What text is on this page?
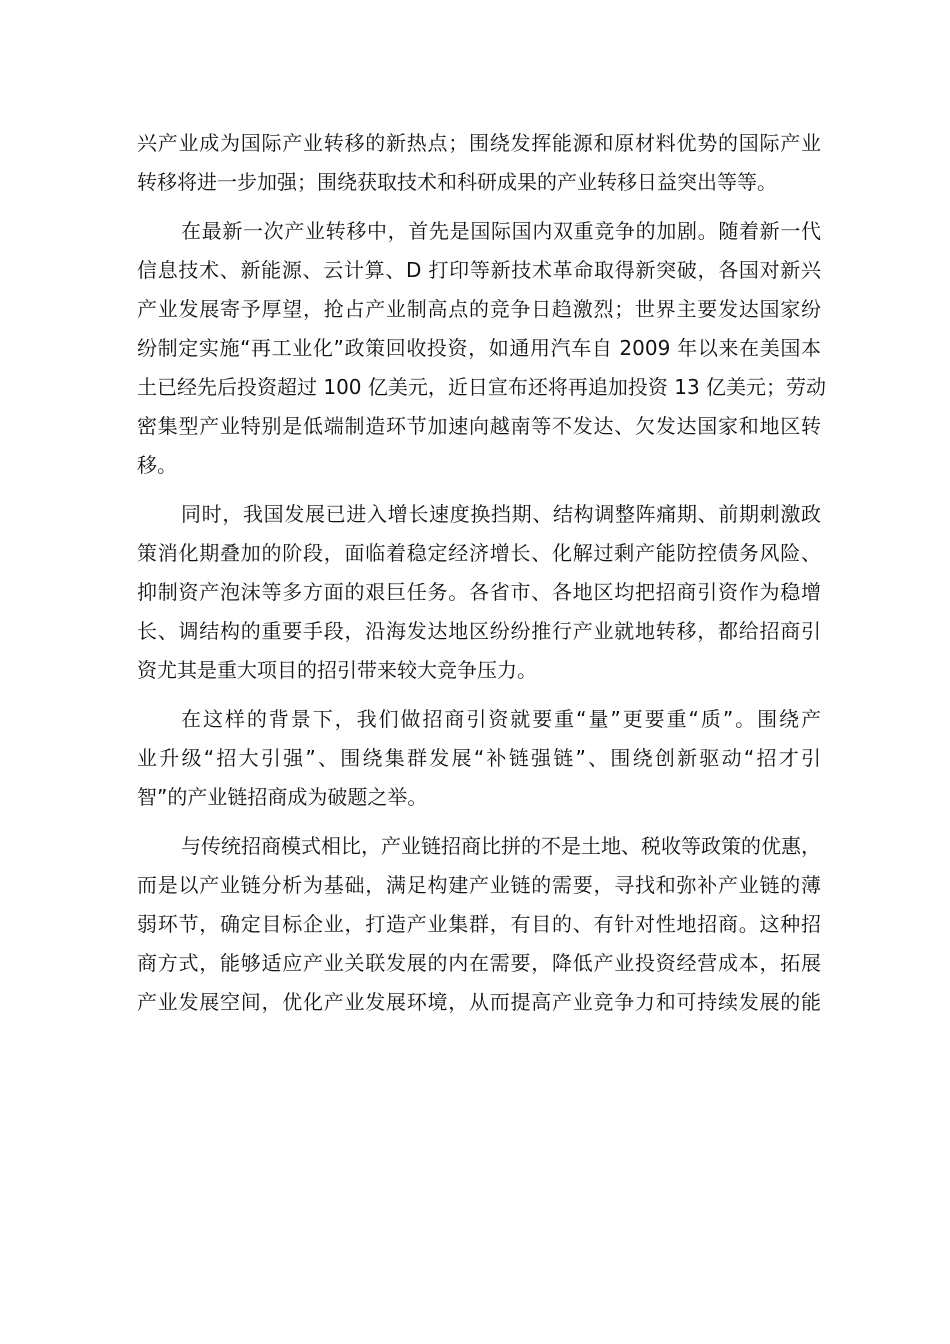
兴产业成为国际产业转移的新热点；围绕发挥能源和原材料优势的国际产业
转移将进一步加强；围绕获取技术和科研成果的产业转移日益突出等等。
在最新一次产业转移中，首先是国际国内双重竞争的加剧。随着新一代
信息技术、新能源、云计算、D 打印等新技术革命取得新突破，各国对新兴
产业发展寄予厚望，抢占产业制高点的竞争日趋激烈；世界主要发达国家纷
纷制定实施“再工业化”政策回收投资，如通用汽车自 2009 年以来在美国本
土已经先后投资超过 100 亿美元，近日宣布还将再追加投资 13 亿美元；劳动
密集型产业特别是低端制造环节加速向越南等不发达、欠发达国家和地区转
移。
同时，我国发展已进入增长速度换挡期、结构调整阵痛期、前期刺激政
策消化期叠加的阶段，面临着稳定经济增长、化解过剩产能防控债务风险、
抑制资产泡沫等多方面的艰巨任务。各省市、各地区均把招商引资作为稳增
长、调结构的重要手段，沿海发达地区纷纷推行产业就地转移，都给招商引
资尤其是重大项目的招引带来较大竞争压力。
在这样的背景下，我们做招商引资就要重“量”更要重“质”。围绕产
业升级“招大引强”、围绕集群发展“补链强链”、围绕创新驱动“招才引
智”的产业链招商成为破题之举。
与传统招商模式相比，产业链招商比拼的不是土地、税收等政策的优惠，
而是以产业链分析为基础，满足构建产业链的需要，寻找和弥补产业链的薄
弱环节，确定目标企业，打造产业集群，有目的、有针对性地招商。这种招
商方式，能够适应产业关联发展的内在需要，降低产业投资经营成本，拓展
产业发展空间，优化产业发展环境，从而提高产业竞争力和可持续发展的能
